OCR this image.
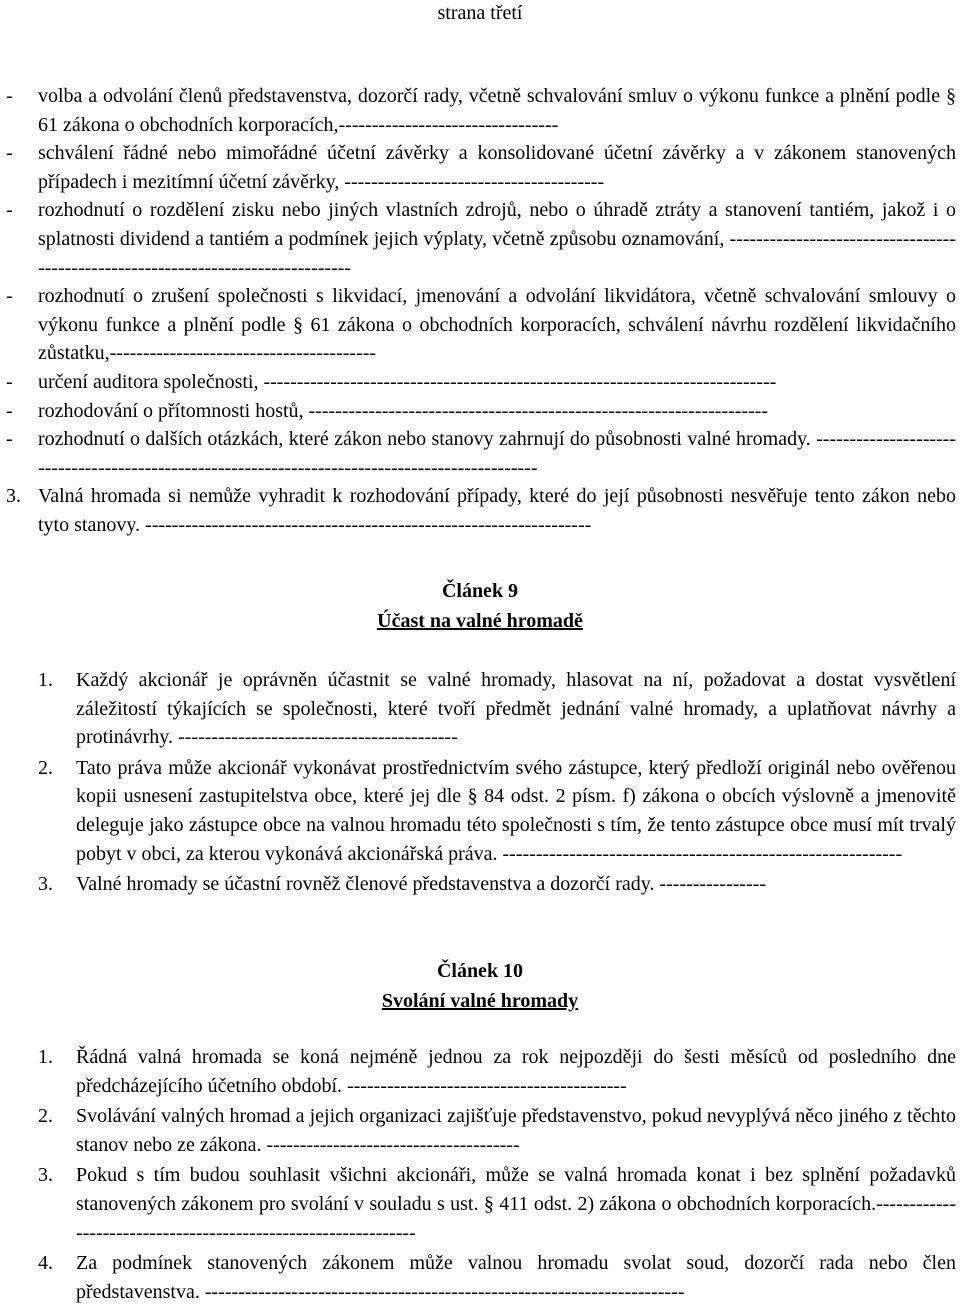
strana třetí
- volba a odvolání členů představenstva, dozorčí rady, včetně schvalování smluv o výkonu funkce a plnění podle § 61 zákona o obchodních korporacích,---------------------------------
- schválení řádné nebo mimořádné účetní závěrky a konsolidované účetní závěrky a v zákonem stanovených případech i mezitímní účetní závěrky, ---------------------------------------
- rozhodnutí o rozdělení zisku nebo jiných vlastních zdrojů, nebo o úhradě ztráty a stanovení tantiém, jakož i o splatnosti dividend a tantiém a podmínek jejich výplaty, včetně způsobu oznamování, ---------------------------------------------------------------------------------
- rozhodnutí o zrušení společnosti s likvidací, jmenování a odvolání likvidátora, včetně schvalování smlouvy o výkonu funkce a plnění podle § 61 zákona o obchodních korporacích, schválení návrhu rozdělení likvidačního zůstatku,----------------------------------------
- určení auditora společnosti, -----------------------------------------------------------------------------
- rozhodování o přítomnosti hostů, ---------------------------------------------------------------------
- rozhodnutí o dalších otázkách, které zákon nebo stanovy zahrnují do působnosti valné hromady. ------------------------------------------------------------------------------------------------
3. Valná hromada si nemůže vyhradit k rozhodování případy, které do její působnosti nesvěřuje tento zákon nebo tyto stanovy. -------------------------------------------------------------------
Článek 9
Účast na valné hromadě
1. Každý akcionář je oprávněn účastnit se valné hromady, hlasovat na ní, požadovat a dostat vysvětlení záležitostí týkajících se společnosti, které tvoří předmět jednání valné hromady, a uplatňovat návrhy a protinávrhy. ------------------------------------------
2. Tato práva může akcionář vykonávat prostřednictvím svého zástupce, který předloží originál nebo ověřenou kopii usnesení zastupitelstva obce, které jej dle § 84 odst. 2 písm. f) zákona o obcích výslovně a jmenovitě deleguje jako zástupce obce na valnou hromadu této společnosti s tím, že tento zástupce obce musí mít trvalý pobyt v obci, za kterou vykonává akcionářská práva. ------------------------------------------------------------
3. Valné hromady se účastní rovněž členové představenstva a dozorčí rady. ----------------
Článek 10
Svolání valné hromady
1. Řádná valná hromada se koná nejméně jednou za rok nejpozději do šesti měsíců od posledního dne předcházejícího účetního období. ------------------------------------------
2. Svolávání valných hromad a jejich organizaci zajišťuje představenstvo, pokud nevyplývá něco jiného z těchto stanov nebo ze zákona. --------------------------------------
3. Pokud s tím budou souhlasit všichni akcionáři, může se valná hromada konat i bez splnění požadavků stanovených zákonem pro svolání v souladu s ust. § 411 odst. 2) zákona o obchodních korporacích.---------------------------------------------------------------
4. Za podmínek stanovených zákonem může valnou hromadu svolat soud, dozorčí rada nebo člen představenstva. ------------------------------------------------------------------------
